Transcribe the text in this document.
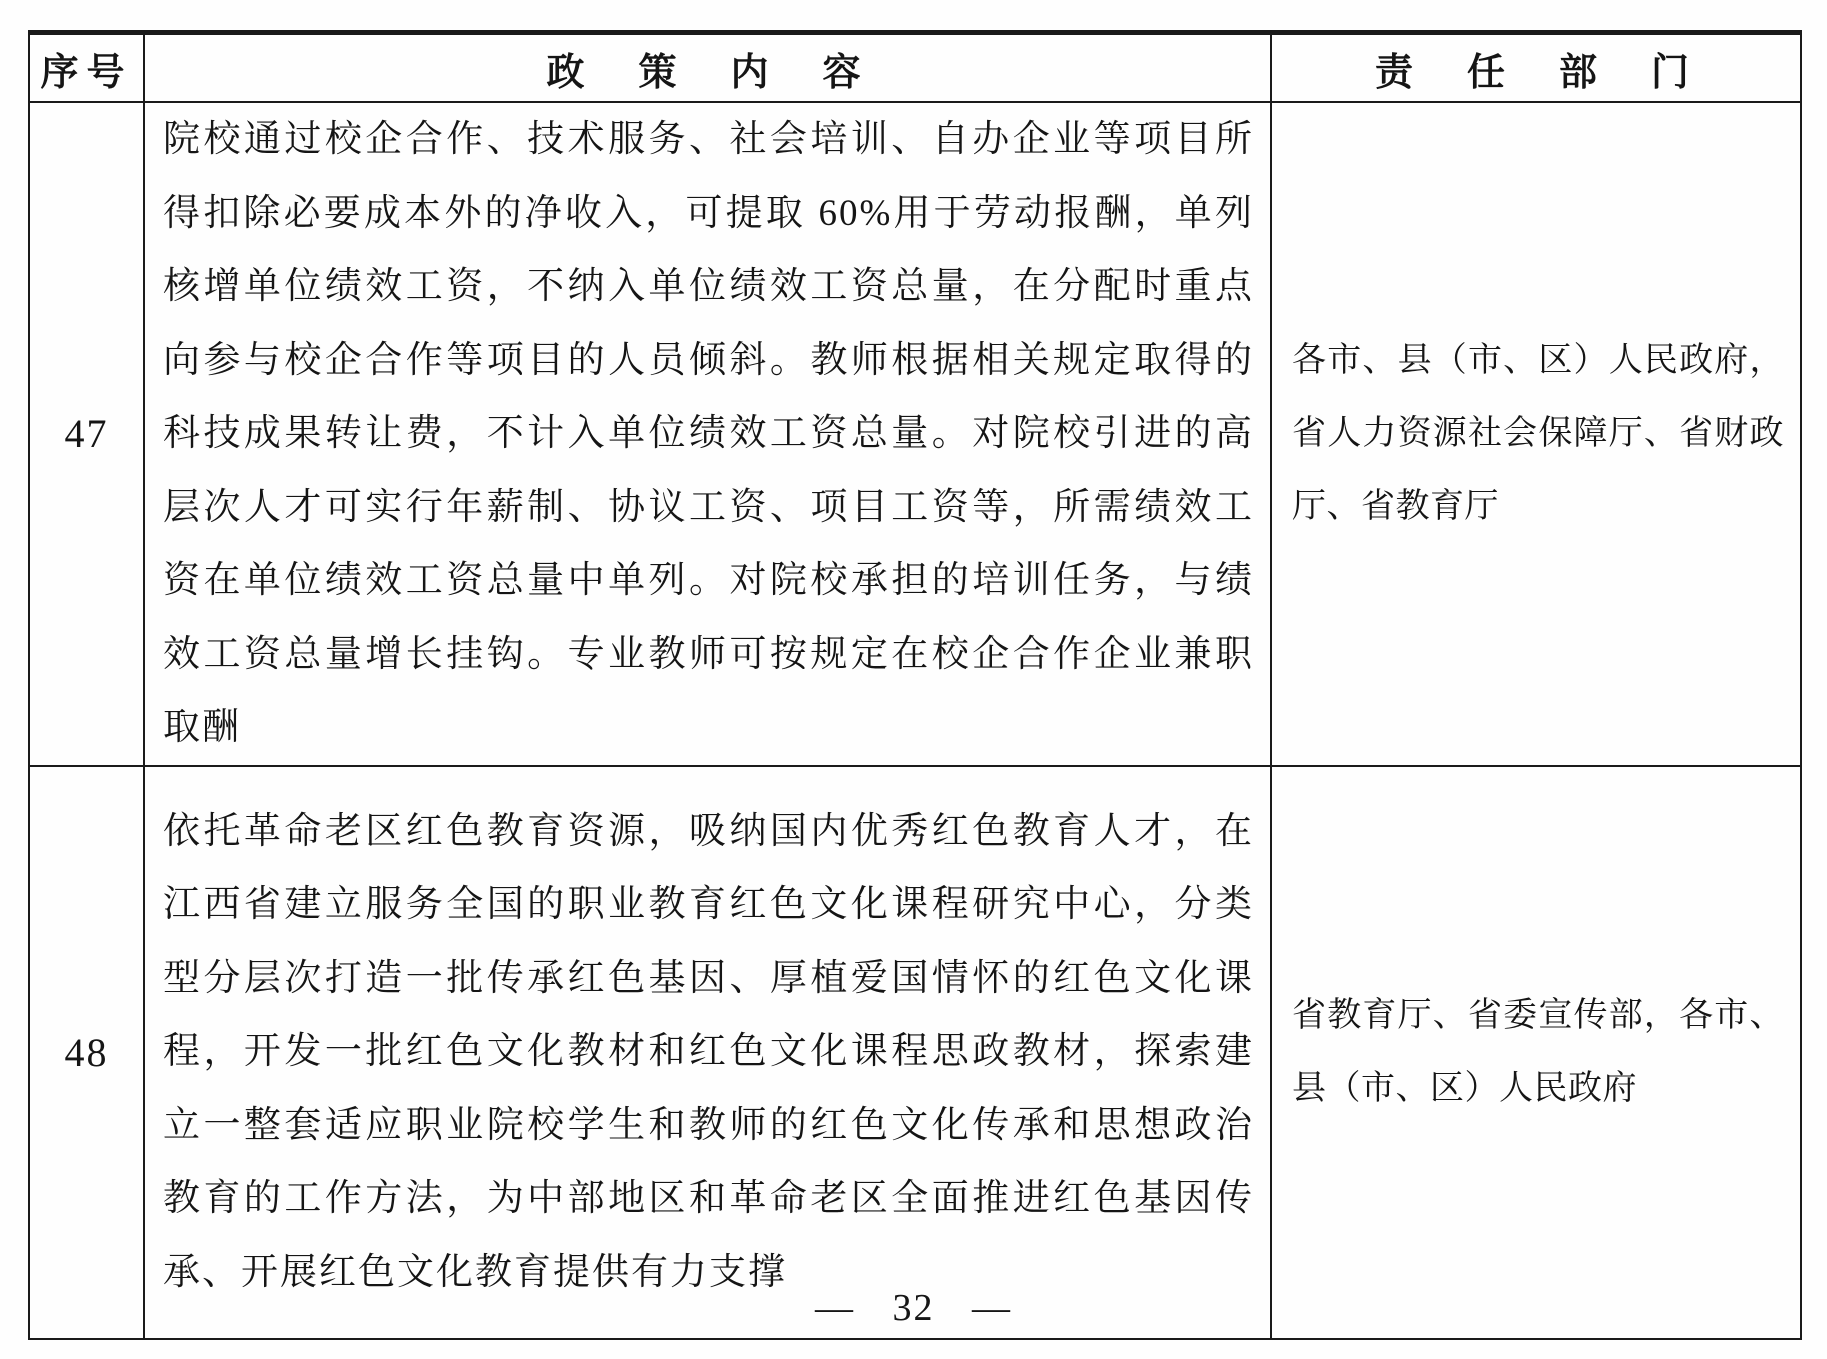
序号	政　策　内　容	责　任　部　门
47	院校通过校企合作、技术服务、社会培训、自办企业等项目所得扣除必要成本外的净收入，可提取 60%用于劳动报酬，单列核增单位绩效工资，不纳入单位绩效工资总量，在分配时重点向参与校企合作等项目的人员倾斜。教师根据相关规定取得的科技成果转让费，不计入单位绩效工资总量。对院校引进的高层次人才可实行年薪制、协议工资、项目工资等，所需绩效工资在单位绩效工资总量中单列。对院校承担的培训任务，与绩效工资总量增长挂钩。专业教师可按规定在校企合作企业兼职取酬	各市、县（市、区）人民政府，省人力资源社会保障厅、省财政厅、省教育厅
48	依托革命老区红色教育资源，吸纳国内优秀红色教育人才，在江西省建立服务全国的职业教育红色文化课程研究中心，分类型分层次打造一批传承红色基因、厚植爱国情怀的红色文化课程，开发一批红色文化教材和红色文化课程思政教材，探索建立一整套适应职业院校学生和教师的红色文化传承和思想政治教育的工作方法，为中部地区和革命老区全面推进红色基因传承、开展红色文化教育提供有力支撑	省教育厅、省委宣传部，各市、县（市、区）人民政府
— 32 —
